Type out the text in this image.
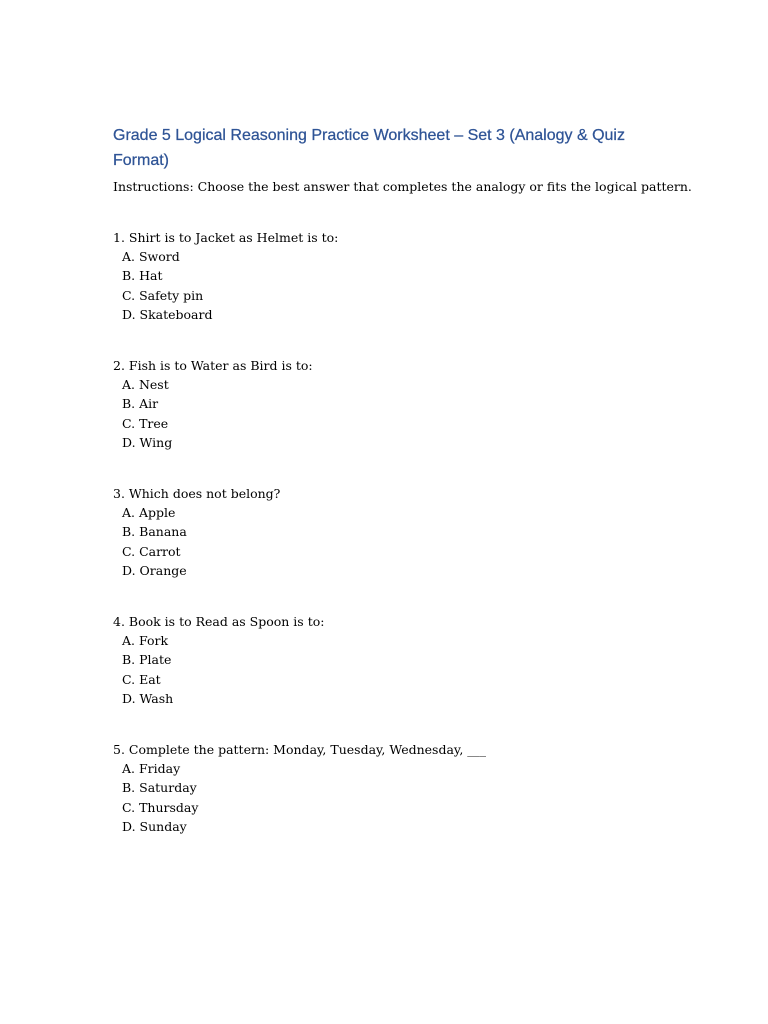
Grade 5 Logical Reasoning Practice Worksheet – Set 3 (Analogy & Quiz Format)
Instructions: Choose the best answer that completes the analogy or fits the logical pattern.
1. Shirt is to Jacket as Helmet is to:
A. Sword
B. Hat
C. Safety pin
D. Skateboard
2. Fish is to Water as Bird is to:
A. Nest
B. Air
C. Tree
D. Wing
3. Which does not belong?
A. Apple
B. Banana
C. Carrot
D. Orange
4. Book is to Read as Spoon is to:
A. Fork
B. Plate
C. Eat
D. Wash
5. Complete the pattern: Monday, Tuesday, Wednesday, ___
A. Friday
B. Saturday
C. Thursday
D. Sunday
